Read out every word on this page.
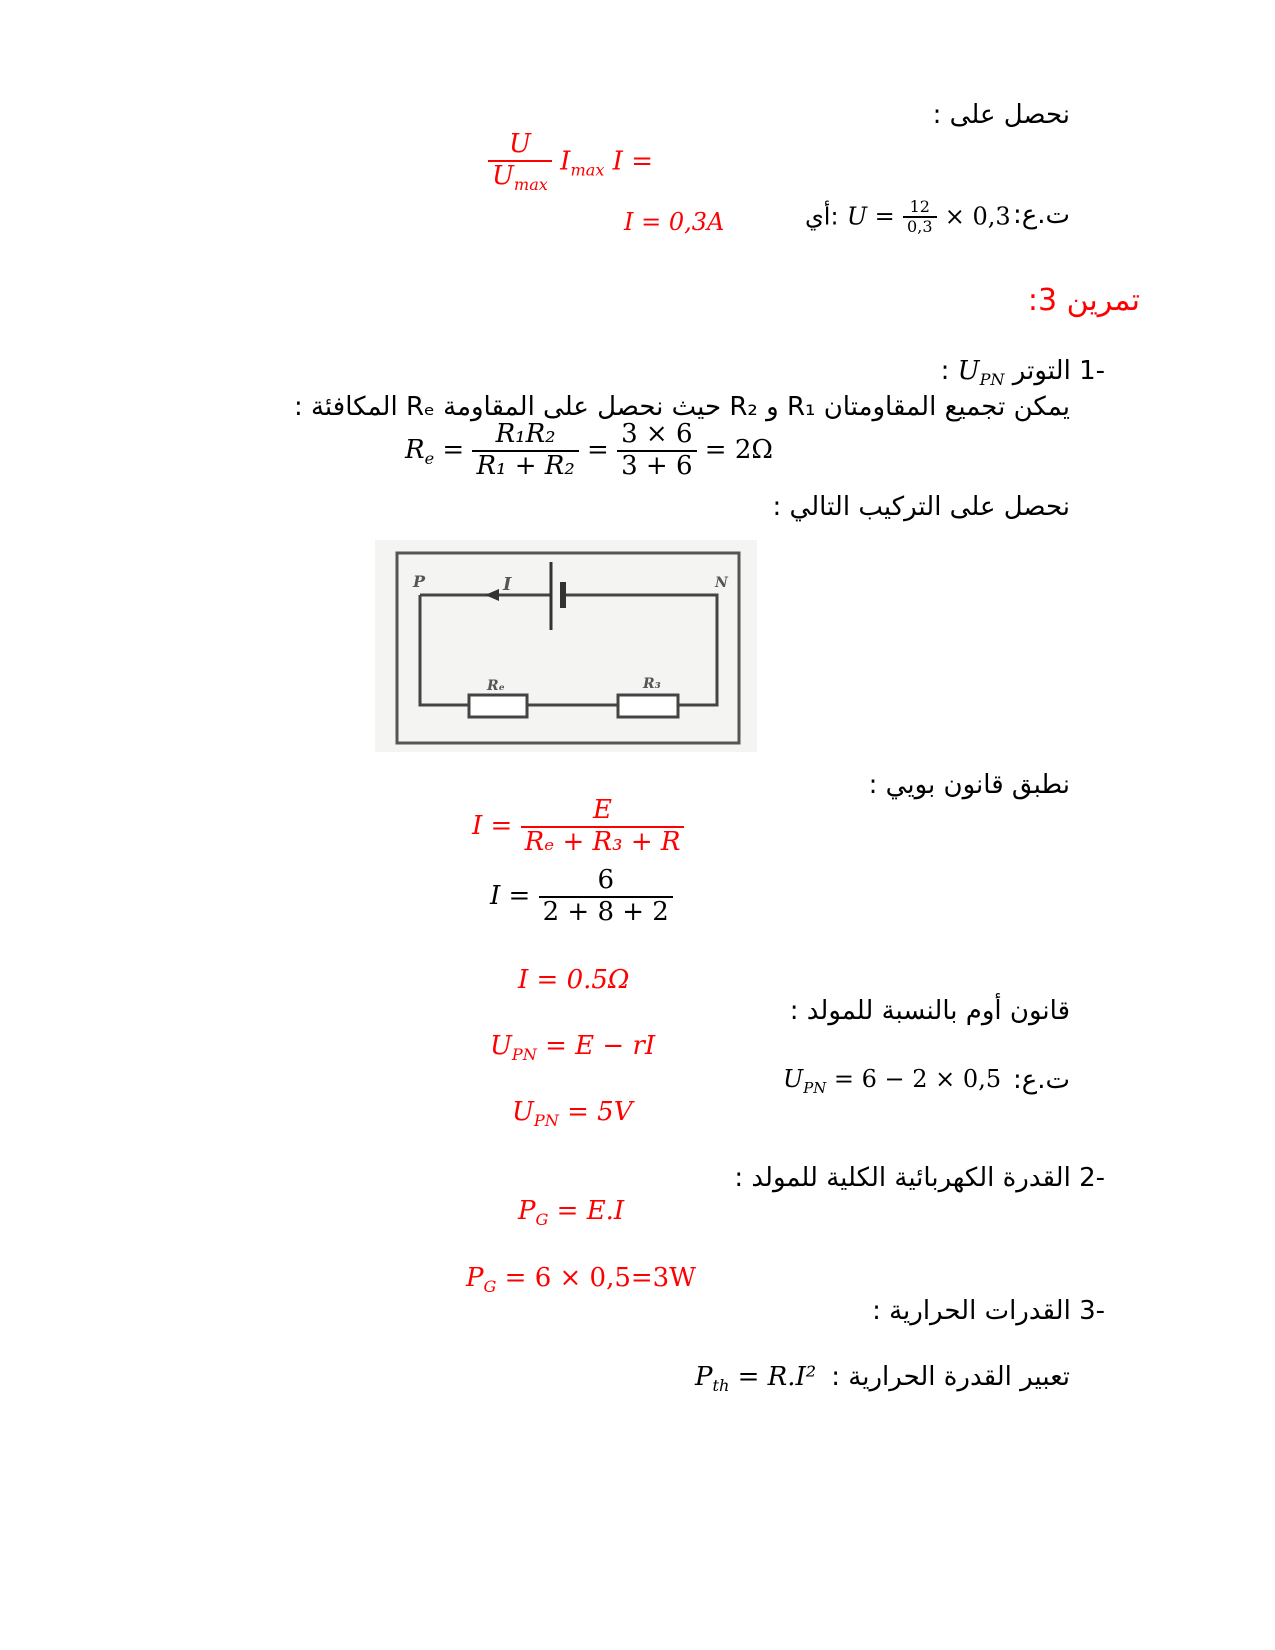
نحصل على :
$\frac{U}{U_{max}} I_{max}$ I =
ت.ع:
أي: $U = \frac{12}{0,3} \times 0,3$
I = 0,3A
تمرين 3:
-1 التوتر $U_{PN}$ :
يمكن تجميع المقاومتان R₁ و R₂ حيث نحصل على المقاومة Rₑ المكافئة :
$R_e = \frac{\text{R₁R₂}}{\text{R₁ + R₂}} = \frac{3 \times 6}{3 + 6} = 2\Omega$
نحصل على التركيب التالي :
P	I	N
Rₑ	R₃
نطبق قانون بويي :
$I = \frac{E}{\text{Rₑ + R₃ + R}}$
$I = \frac{6}{2 + 8 + 2}$
I = 0.5Ω
قانون أوم بالنسبة للمولد :
$U_{PN} = E$ − rI
ت.ع:
$U_{PN} = 6 - 2 \times 0,5$
$U_{PN} = 5V$
-2 القدرة الكهربائية الكلية للمولد :
$P_G = E.I$
$P_G = 6 \times 0,5=3W$
-3 القدرات الحرارية :
تعبير القدرة الحرارية :
$P_{th} = R.I^2$
